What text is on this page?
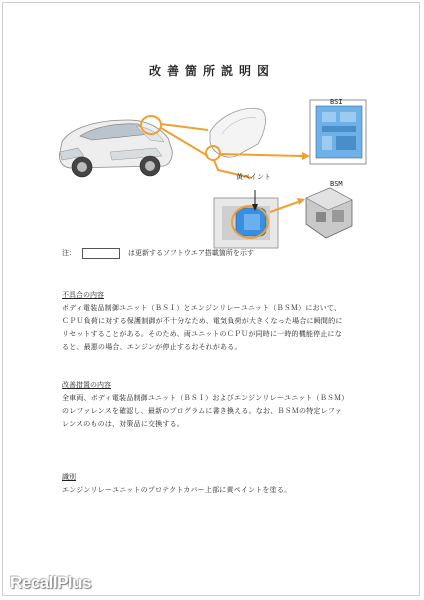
改善箇所説明図
BSI
BSM
黄ペイント
注：	は更新するソフトウエア搭載箇所を示す
不具合の内容

ボディ電装品制御ユニット（ＢＳＩ）とエンジンリレーユニット（ＢＳＭ）において、
ＣＰＵ負荷に対する保護制御が不十分なため、電気負荷が大きくなった場合に瞬間的に
リセットすることがある。そのため、両ユニットのＣＰＵが同時に一時的機能停止にな
ると、最悪の場合、エンジンが停止するおそれがある。

改善措置の内容

全車両、ボディ電装品制御ユニット（ＢＳＩ）およびエンジンリレーユニット（ＢＳＭ）
のレファレンスを確認し、最新のプログラムに書き換える。なお、ＢＳＭの特定レファ
レンスのものは、対策品に交換する。

識別

エンジンリレーユニットのプロテクトカバー上部に黄ペイントを塗る。

RecallPlus
